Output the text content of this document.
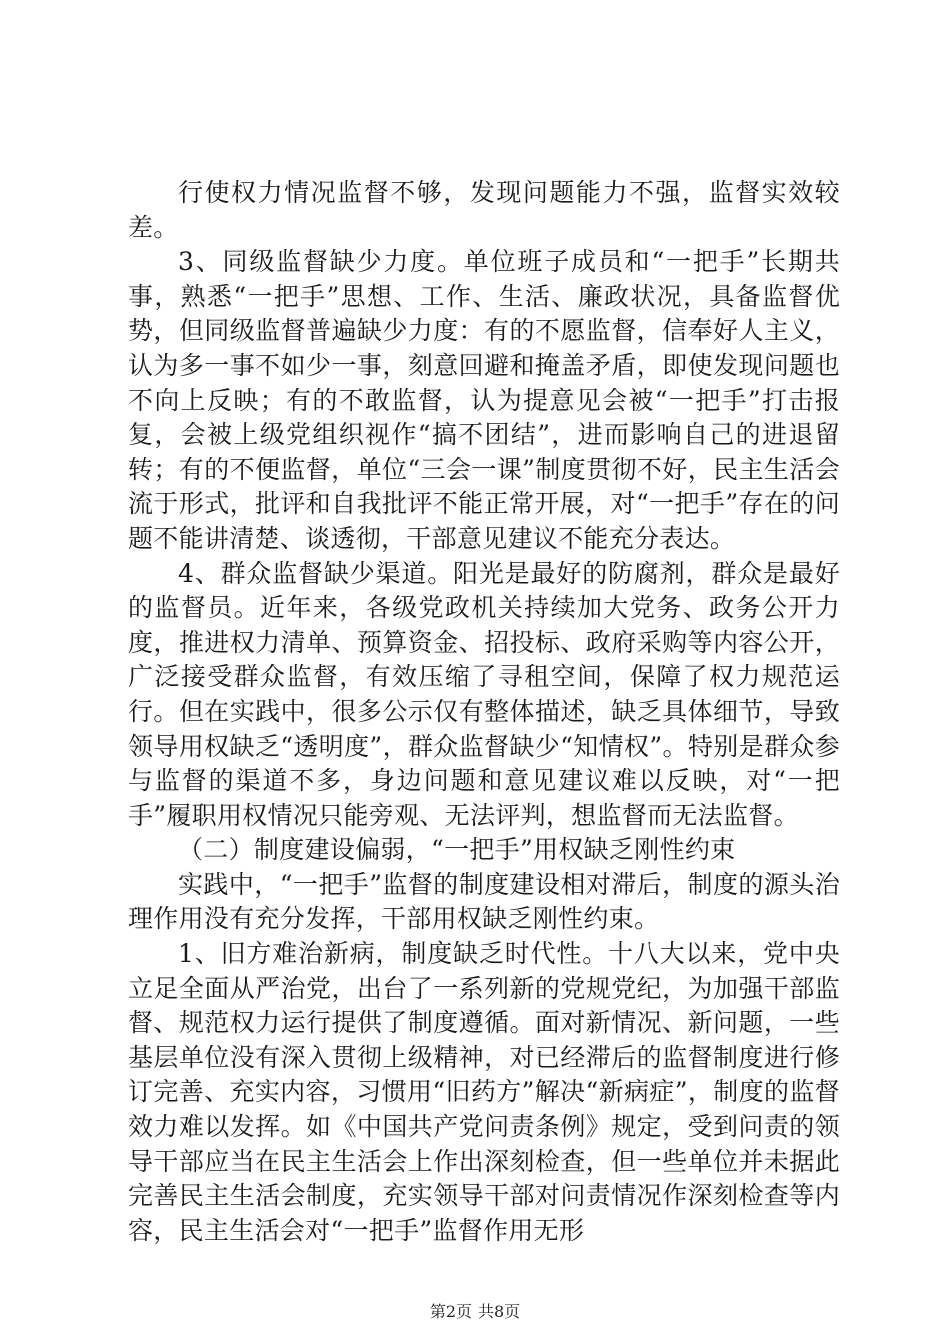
行使权力情况监督不够，发现问题能力不强，监督实效较差。

3、同级监督缺少力度。单位班子成员和“一把手”长期共事，熟悉“一把手”思想、工作、生活、廉政状况，具备监督优势，但同级监督普遍缺少力度：有的不愿监督，信奉好人主义，认为多一事不如少一事，刻意回避和掩盖矛盾，即使发现问题也不向上反映；有的不敢监督，认为提意见会被“一把手”打击报复，会被上级党组织视作“搞不团结”，进而影响自己的进退留转；有的不便监督，单位“三会一课”制度贯彻不好，民主生活会流于形式，批评和自我批评不能正常开展，对“一把手”存在的问题不能讲清楚、谈透彻，干部意见建议不能充分表达。

4、群众监督缺少渠道。阳光是最好的防腐剂，群众是最好的监督员。近年来，各级党政机关持续加大党务、政务公开力度，推进权力清单、预算资金、招投标、政府采购等内容公开，广泛接受群众监督，有效压缩了寻租空间，保障了权力规范运行。但在实践中，很多公示仅有整体描述，缺乏具体细节，导致领导用权缺乏“透明度”，群众监督缺少“知情权”。特别是群众参与监督的渠道不多，身边问题和意见建议难以反映，对“一把手”履职用权情况只能旁观、无法评判，想监督而无法监督。

（二）制度建设偏弱，“一把手”用权缺乏刚性约束

实践中，“一把手”监督的制度建设相对滞后，制度的源头治理作用没有充分发挥，干部用权缺乏刚性约束。

1、旧方难治新病，制度缺乏时代性。十八大以来，党中央立足全面从严治党，出台了一系列新的党规党纪，为加强干部监督、规范权力运行提供了制度遵循。面对新情况、新问题，一些基层单位没有深入贯彻上级精神，对已经滞后的监督制度进行修订完善、充实内容，习惯用“旧药方”解决“新病症”，制度的监督效力难以发挥。如《中国共产党问责条例》规定，受到问责的领导干部应当在民主生活会上作出深刻检查，但一些单位并未据此完善民主生活会制度，充实领导干部对问责情况作深刻检查等内容，民主生活会对“一把手”监督作用无形

第2页 共8页
